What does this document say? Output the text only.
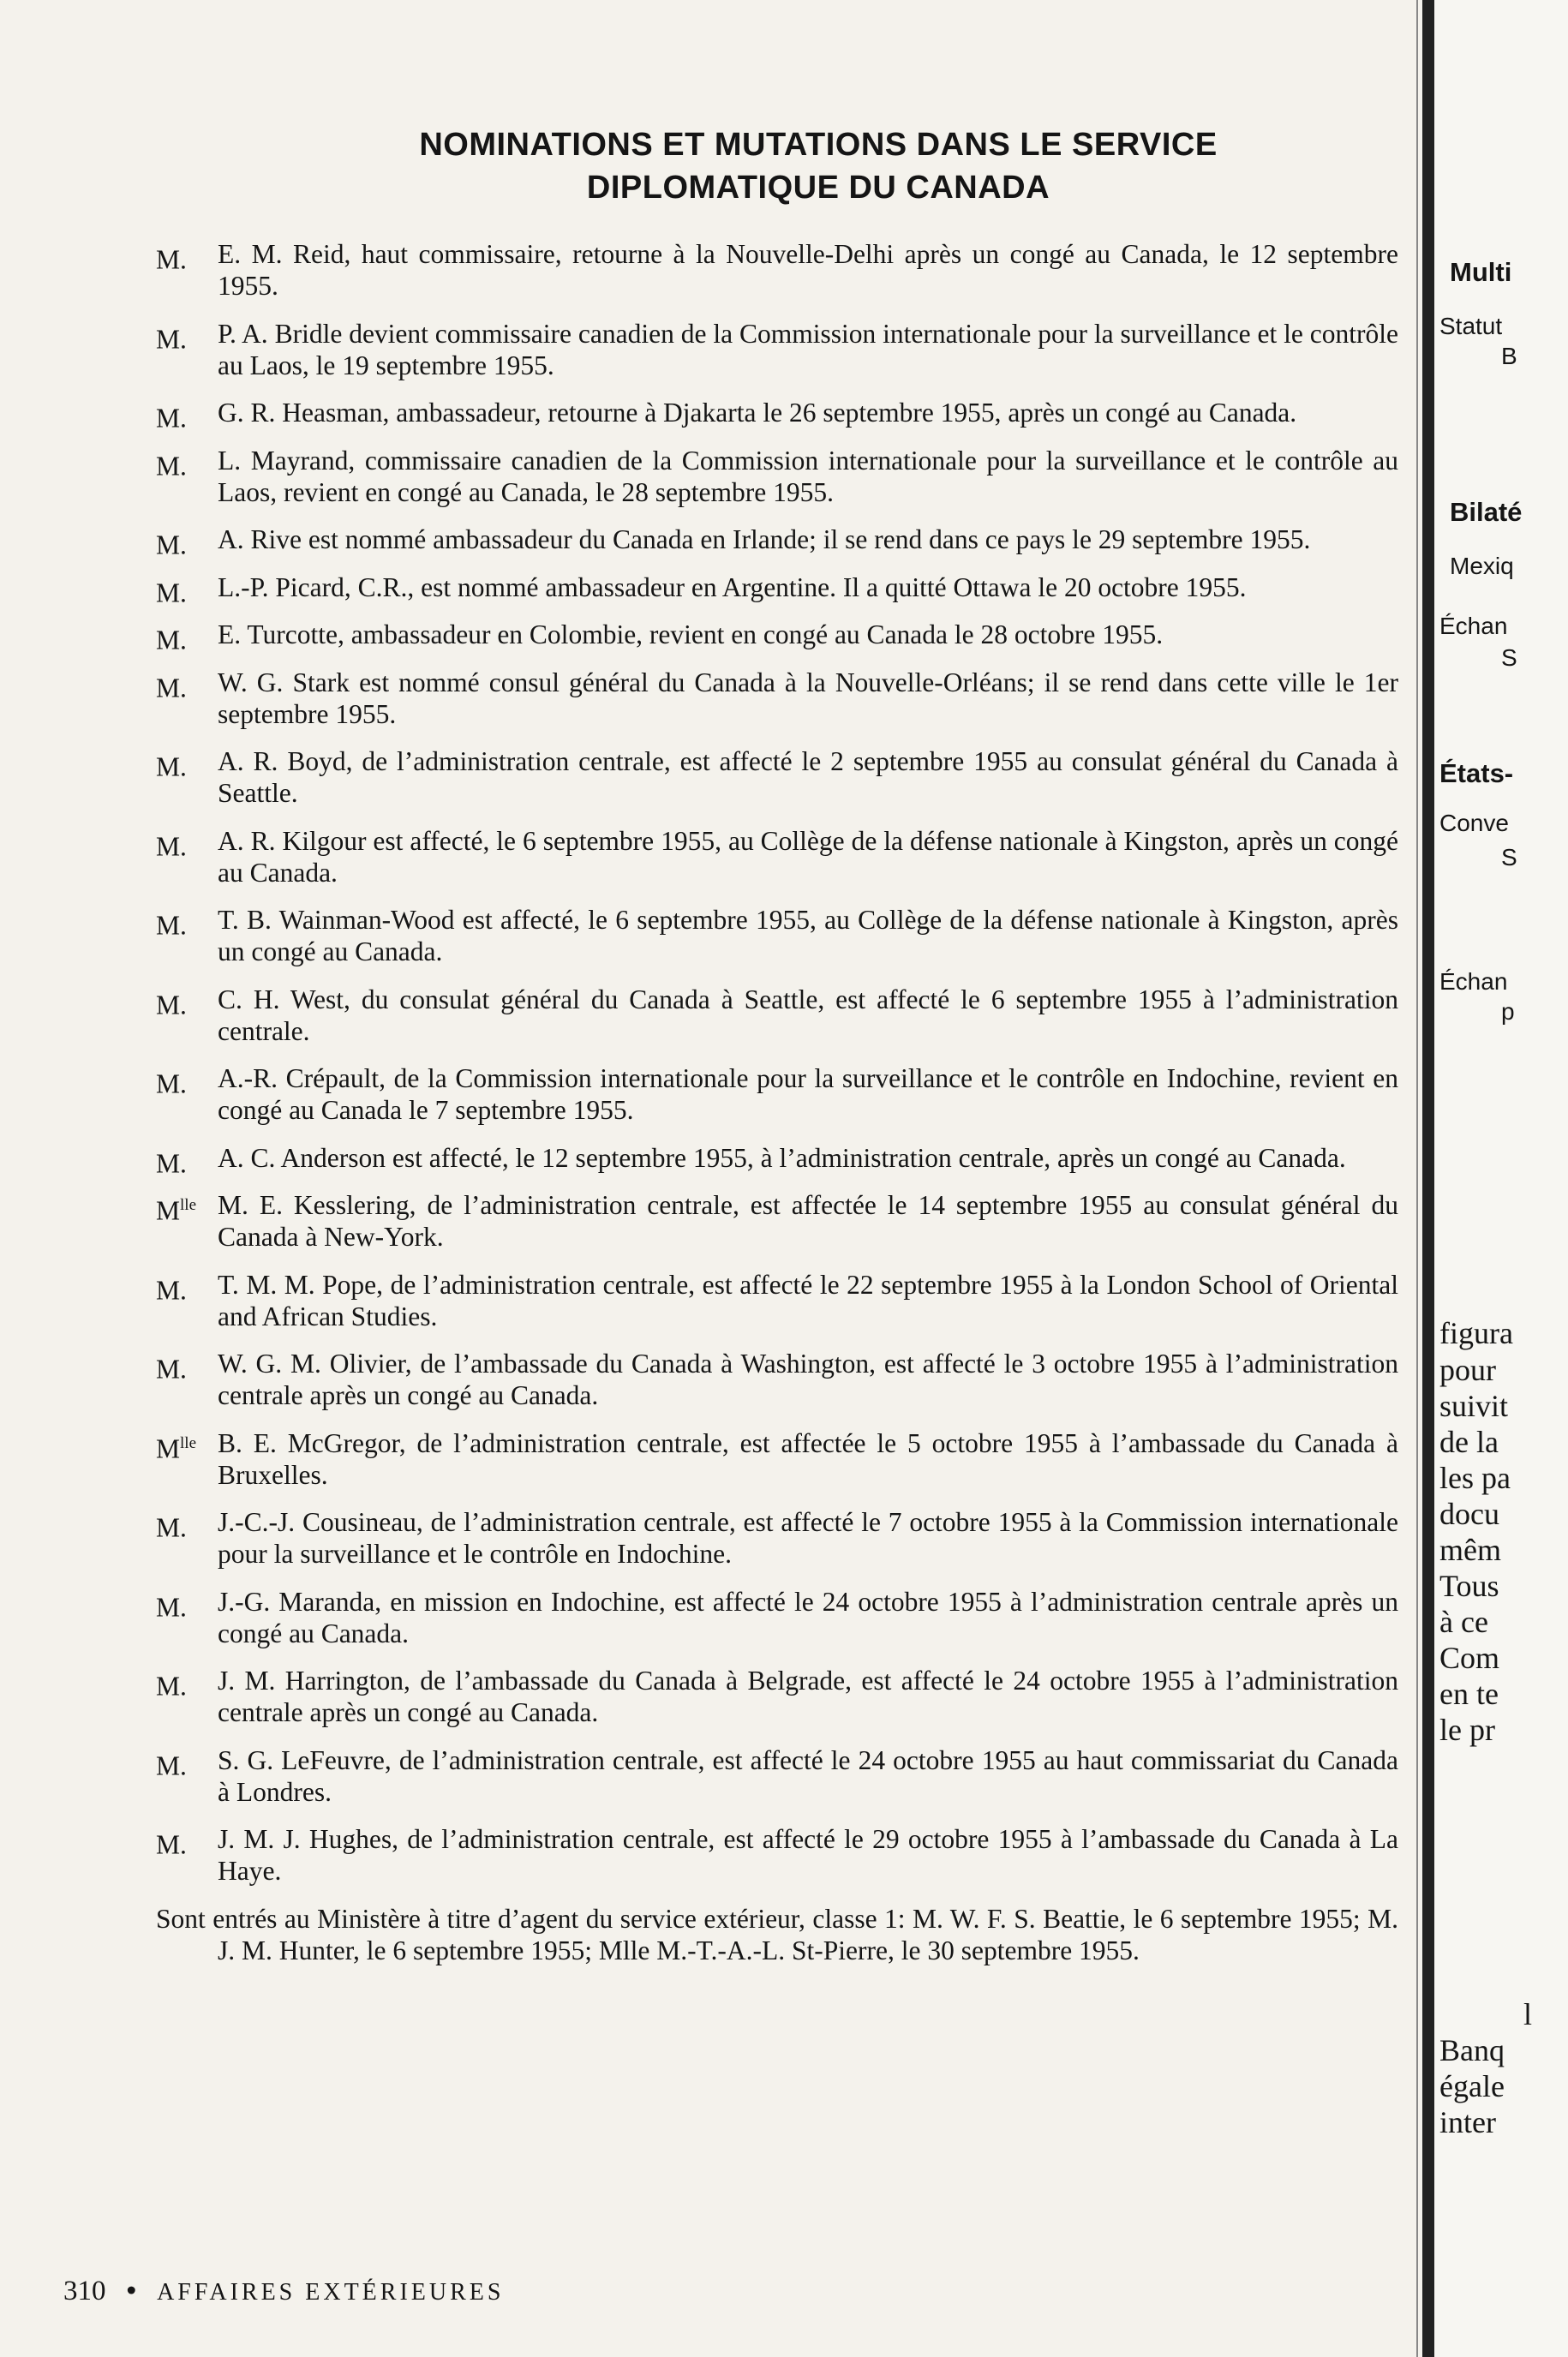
NOMINATIONS ET MUTATIONS DANS LE SERVICE
DIPLOMATIQUE DU CANADA
M. E. M. Reid, haut commissaire, retourne à la Nouvelle-Delhi après un congé au Canada, le 12 septembre 1955.
M. P. A. Bridle devient commissaire canadien de la Commission internationale pour la surveillance et le contrôle au Laos, le 19 septembre 1955.
M. G. R. Heasman, ambassadeur, retourne à Djakarta le 26 septembre 1955, après un congé au Canada.
M. L. Mayrand, commissaire canadien de la Commission internationale pour la surveillance et le contrôle au Laos, revient en congé au Canada, le 28 septembre 1955.
M. A. Rive est nommé ambassadeur du Canada en Irlande; il se rend dans ce pays le 29 septembre 1955.
M. L.-P. Picard, C.R., est nommé ambassadeur en Argentine. Il a quitté Ottawa le 20 octobre 1955.
M. E. Turcotte, ambassadeur en Colombie, revient en congé au Canada le 28 octobre 1955.
M. W. G. Stark est nommé consul général du Canada à la Nouvelle-Orléans; il se rend dans cette ville le 1er septembre 1955.
M. A. R. Boyd, de l’administration centrale, est affecté le 2 septembre 1955 au consulat général du Canada à Seattle.
M. A. R. Kilgour est affecté, le 6 septembre 1955, au Collège de la défense nationale à Kingston, après un congé au Canada.
M. T. B. Wainman-Wood est affecté, le 6 septembre 1955, au Collège de la défense nationale à Kingston, après un congé au Canada.
M. C. H. West, du consulat général du Canada à Seattle, est affecté le 6 septembre 1955 à l’administration centrale.
M. A.-R. Crépault, de la Commission internationale pour la surveillance et le contrôle en Indochine, revient en congé au Canada le 7 septembre 1955.
M. A. C. Anderson est affecté, le 12 septembre 1955, à l’administration centrale, après un congé au Canada.
$M^{lle}$ M. E. Kesslering, de l’administration centrale, est affectée le 14 septembre 1955 au consulat général du Canada à New-York.
M. T. M. M. Pope, de l’administration centrale, est affecté le 22 septembre 1955 à la London School of Oriental and African Studies.
M. W. G. M. Olivier, de l’ambassade du Canada à Washington, est affecté le 3 octobre 1955 à l’administration centrale après un congé au Canada.
$M^{lle}$ B. E. McGregor, de l’administration centrale, est affectée le 5 octobre 1955 à l’ambassade du Canada à Bruxelles.
M. J.-C.-J. Cousineau, de l’administration centrale, est affecté le 7 octobre 1955 à la Commission internationale pour la surveillance et le contrôle en Indochine.
M. J.-G. Maranda, en mission en Indochine, est affecté le 24 octobre 1955 à l’administration centrale après un congé au Canada.
M. J. M. Harrington, de l’ambassade du Canada à Belgrade, est affecté le 24 octobre 1955 à l’administration centrale après un congé au Canada.
M. S. G. LeFeuvre, de l’administration centrale, est affecté le 24 octobre 1955 au haut commissariat du Canada à Londres.
M. J. M. J. Hughes, de l’administration centrale, est affecté le 29 octobre 1955 à l’ambassade du Canada à La Haye.
Sont entrés au Ministère à titre d’agent du service extérieur, classe 1: M. W. F. S. Beattie, le 6 septembre 1955; M. J. M. Hunter, le 6 septembre 1955; Mlle M.-T.-A.-L. St-Pierre, le 30 septembre 1955.
310 • AFFAIRES EXTÉRIEURES
Multi
Statut
B
Bilaté
Mexiq
Échan
S
États-
Conve
S
Échan
p
figura
pour
suivit
de la
les pa
docu
mêm
Tous
à ce
Com
en te
le pr
l
Banq
égale
inter
